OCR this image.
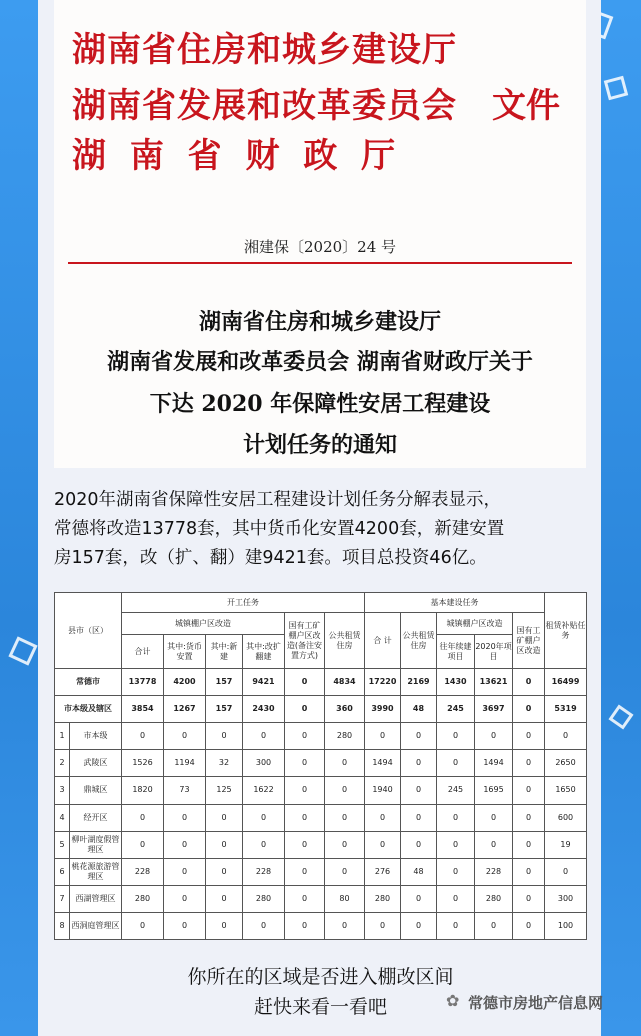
湖南省住房和城乡建设厅
湖南省发展和改革委员会 文件
湖 南 省 财 政 厅
湘建保〔2020〕24 号
湖南省住房和城乡建设厅
湖南省发展和改革委员会 湖南省财政厅关于
下达 2020 年保障性安居工程建设
计划任务的通知
2020年湖南省保障性安居工程建设计划任务分解表显示，
常德将改造13778套，其中货币化安置4200套，新建安置
房157套，改（扩、翻）建9421套。项目总投资46亿。
县市（区）		开工任务						基本建设任务					租赁补贴任务
		城镇棚户区改造				国有工矿棚户区改造(备注安置方式)	公共租赁住房	合 计	公共租赁住房	城镇棚户区改造		国有工矿棚户区改造	
		合计	其中:货币安置	其中:新 建	其中:改扩翻建					往年续建项目	2020年项目		
常德市		13778	4200	157	9421	0	4834	17220	2169	1430	13621	0	16499
市本级及辖区		3854	1267	157	2430	0	360	3990	48	245	3697	0	5319
1	市本级	0	0	0	0	0	280	0	0	0	0	0	0
2	武陵区	1526	1194	32	300	0	0	1494	0	0	1494	0	2650
3	鼎城区	1820	73	125	1622	0	0	1940	0	245	1695	0	1650
4	经开区	0	0	0	0	0	0	0	0	0	0	0	600
5	柳叶湖度假管理区	0	0	0	0	0	0	0	0	0	0	0	19
6	桃花源旅游管理区	228	0	0	228	0	0	276	48	0	228	0	0
7	西湖管理区	280	0	0	280	0	80	280	0	0	280	0	300
8	西洞庭管理区	0	0	0	0	0	0	0	0	0	0	0	100
你所在的区域是否进入棚改区间
赶快来看一看吧	✿ 常德市房地产信息网
